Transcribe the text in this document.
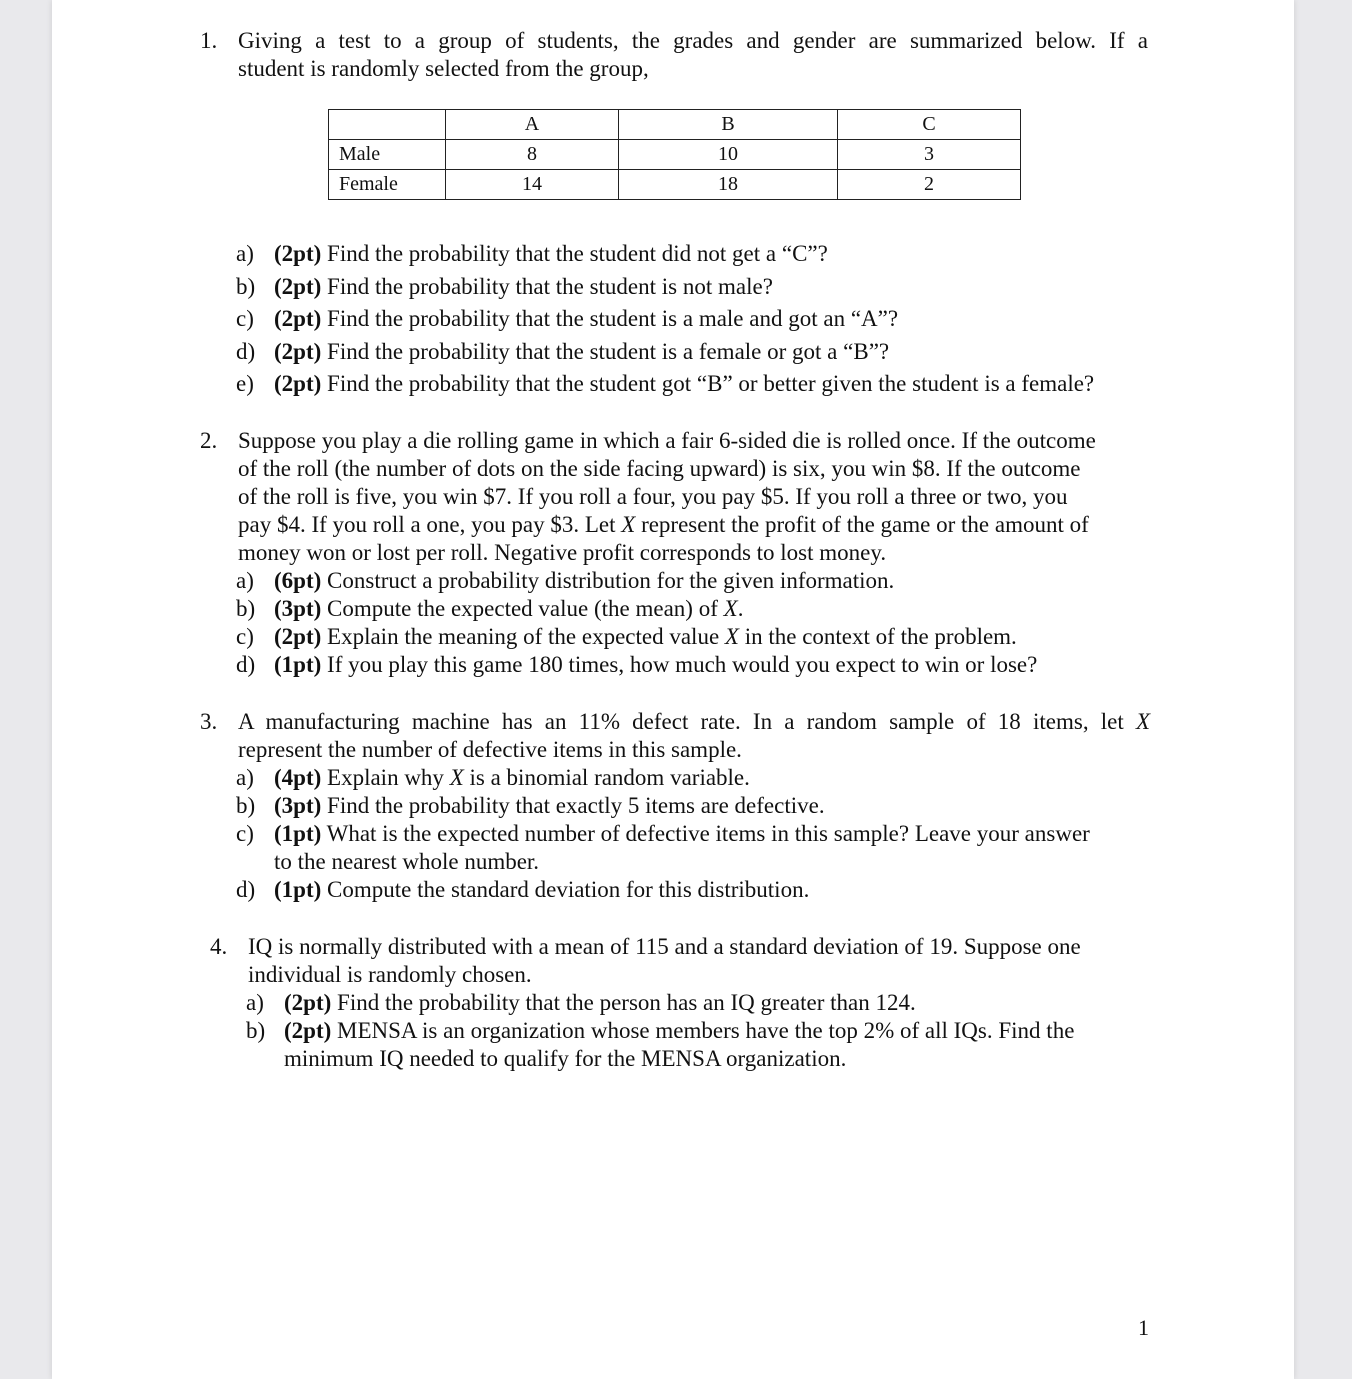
1. Giving a test to a group of students, the grades and gender are summarized below. If a
student is randomly selected from the group,
	A	B	C
Male	8	10	3
Female	14	18	2
a) (2pt) Find the probability that the student did not get a “C”?
b) (2pt) Find the probability that the student is not male?
c) (2pt) Find the probability that the student is a male and got an “A”?
d) (2pt) Find the probability that the student is a female or got a “B”?
e) (2pt) Find the probability that the student got “B” or better given the student is a female?
2. Suppose you play a die rolling game in which a fair 6-sided die is rolled once. If the outcome
of the roll (the number of dots on the side facing upward) is six, you win $8. If the outcome
of the roll is five, you win $7. If you roll a four, you pay $5. If you roll a three or two, you
pay $4. If you roll a one, you pay $3. Let X represent the profit of the game or the amount of
money won or lost per roll. Negative profit corresponds to lost money.
a) (6pt) Construct a probability distribution for the given information.
b) (3pt) Compute the expected value (the mean) of X.
c) (2pt) Explain the meaning of the expected value X in the context of the problem.
d) (1pt) If you play this game 180 times, how much would you expect to win or lose?
3. A manufacturing machine has an 11% defect rate. In a random sample of 18 items, let X
represent the number of defective items in this sample.
a) (4pt) Explain why X is a binomial random variable.
b) (3pt) Find the probability that exactly 5 items are defective.
c) (1pt) What is the expected number of defective items in this sample? Leave your answer
to the nearest whole number.
d) (1pt) Compute the standard deviation for this distribution.
4. IQ is normally distributed with a mean of 115 and a standard deviation of 19. Suppose one
individual is randomly chosen.
a) (2pt) Find the probability that the person has an IQ greater than 124.
b) (2pt) MENSA is an organization whose members have the top 2% of all IQs. Find the
minimum IQ needed to qualify for the MENSA organization.
1
